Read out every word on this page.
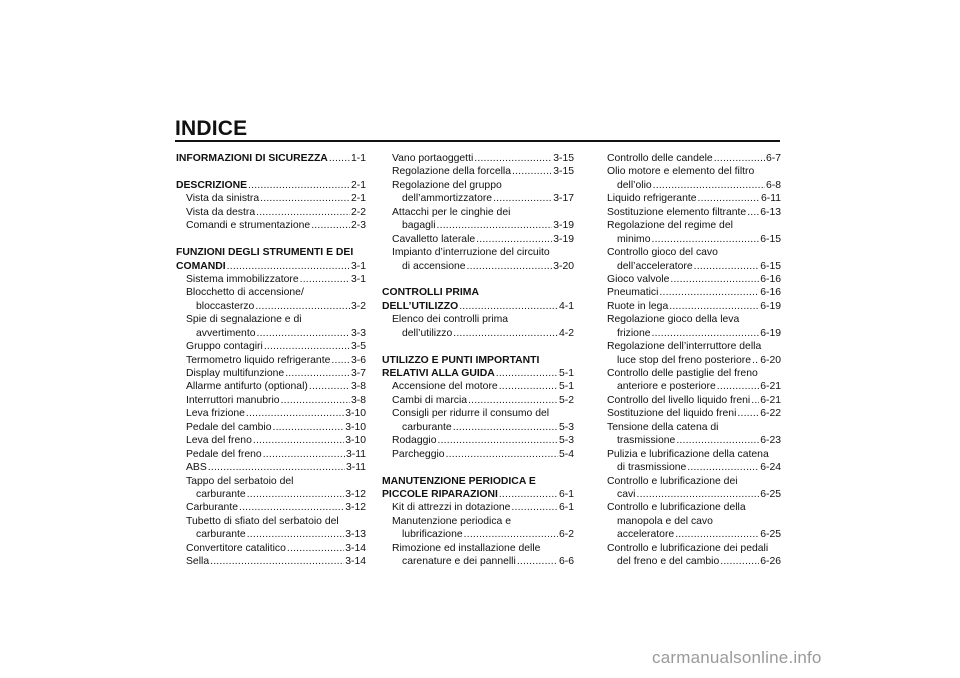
INDICE
INFORMAZIONI DI SICUREZZA ..... 1-1
DESCRIZIONE .....	2-1
Vista da sinistra .....	2-1
Vista da destra .....	2-2
Comandi e strumentazione .....	2-3
FUNZIONI DEGLI STRUMENTI E DEI
COMANDI .....	3-1
Sistema immobilizzatore .....	3-1
Blocchetto di accensione/
bloccasterzo .....	3-2
Spie di segnalazione e di
avvertimento .....	3-3
Gruppo contagiri .....	3-5
Termometro liquido refrigerante ..... 3-6
Display multifunzione .....	3-7
Allarme antifurto (optional) .....	3-8
Interruttori manubrio .....	3-8
Leva frizione .....	3-10
Pedale del cambio .....	3-10
Leva del freno .....	3-10
Pedale del freno .....	3-11
ABS .....	3-11
Tappo del serbatoio del
carburante .....	3-12
Carburante .....	3-12
Tubetto di sfiato del serbatoio del
carburante .....	3-13
Convertitore catalitico .....	3-14
Sella .....	3-14
Vano portaoggetti .....	3-15
Regolazione della forcella .....	3-15
Regolazione del gruppo
dell’ammortizzatore .....	3-17
Attacchi per le cinghie dei
bagagli .....	3-19
Cavalletto laterale .....	3-19
Impianto d’interruzione del circuito
di accensione .....	3-20
CONTROLLI PRIMA
DELL’UTILIZZO .....	4-1
Elenco dei controlli prima
dell’utilizzo .....	4-2
UTILIZZO E PUNTI IMPORTANTI
RELATIVI ALLA GUIDA .....	5-1
Accensione del motore .....	5-1
Cambi di marcia .....	5-2
Consigli per ridurre il consumo del
carburante .....	5-3
Rodaggio .....	5-3
Parcheggio .....	5-4
MANUTENZIONE PERIODICA E
PICCOLE RIPARAZIONI .....	6-1
Kit di attrezzi in dotazione .....	6-1
Manutenzione periodica e
lubrificazione .....	6-2
Rimozione ed installazione delle
carenature e dei pannelli .....	6-6
Controllo delle candele .....	6-7
Olio motore e elemento del filtro
dell’olio .....	6-8
Liquido refrigerante .....	6-11
Sostituzione elemento filtrante ..... 6-13
Regolazione del regime del
minimo .....	6-15
Controllo gioco del cavo
dell’acceleratore .....	6-15
Gioco valvole .....	6-16
Pneumatici .....	6-16
Ruote in lega .....	6-19
Regolazione gioco della leva
frizione .....	6-19
Regolazione dell’interruttore della
luce stop del freno posteriore ..... 6-20
Controllo delle pastiglie del freno
anteriore e posteriore .....	6-21
Controllo del livello liquido freni ..... 6-21
Sostituzione del liquido freni ..... 6-22
Tensione della catena di
trasmissione .....	6-23
Pulizia e lubrificazione della catena
di trasmissione .....	6-24
Controllo e lubrificazione dei
cavi .....	6-25
Controllo e lubrificazione della
manopola e del cavo
acceleratore .....	6-25
Controllo e lubrificazione dei pedali
del freno e del cambio .....	6-26
carmanualsonline.info
